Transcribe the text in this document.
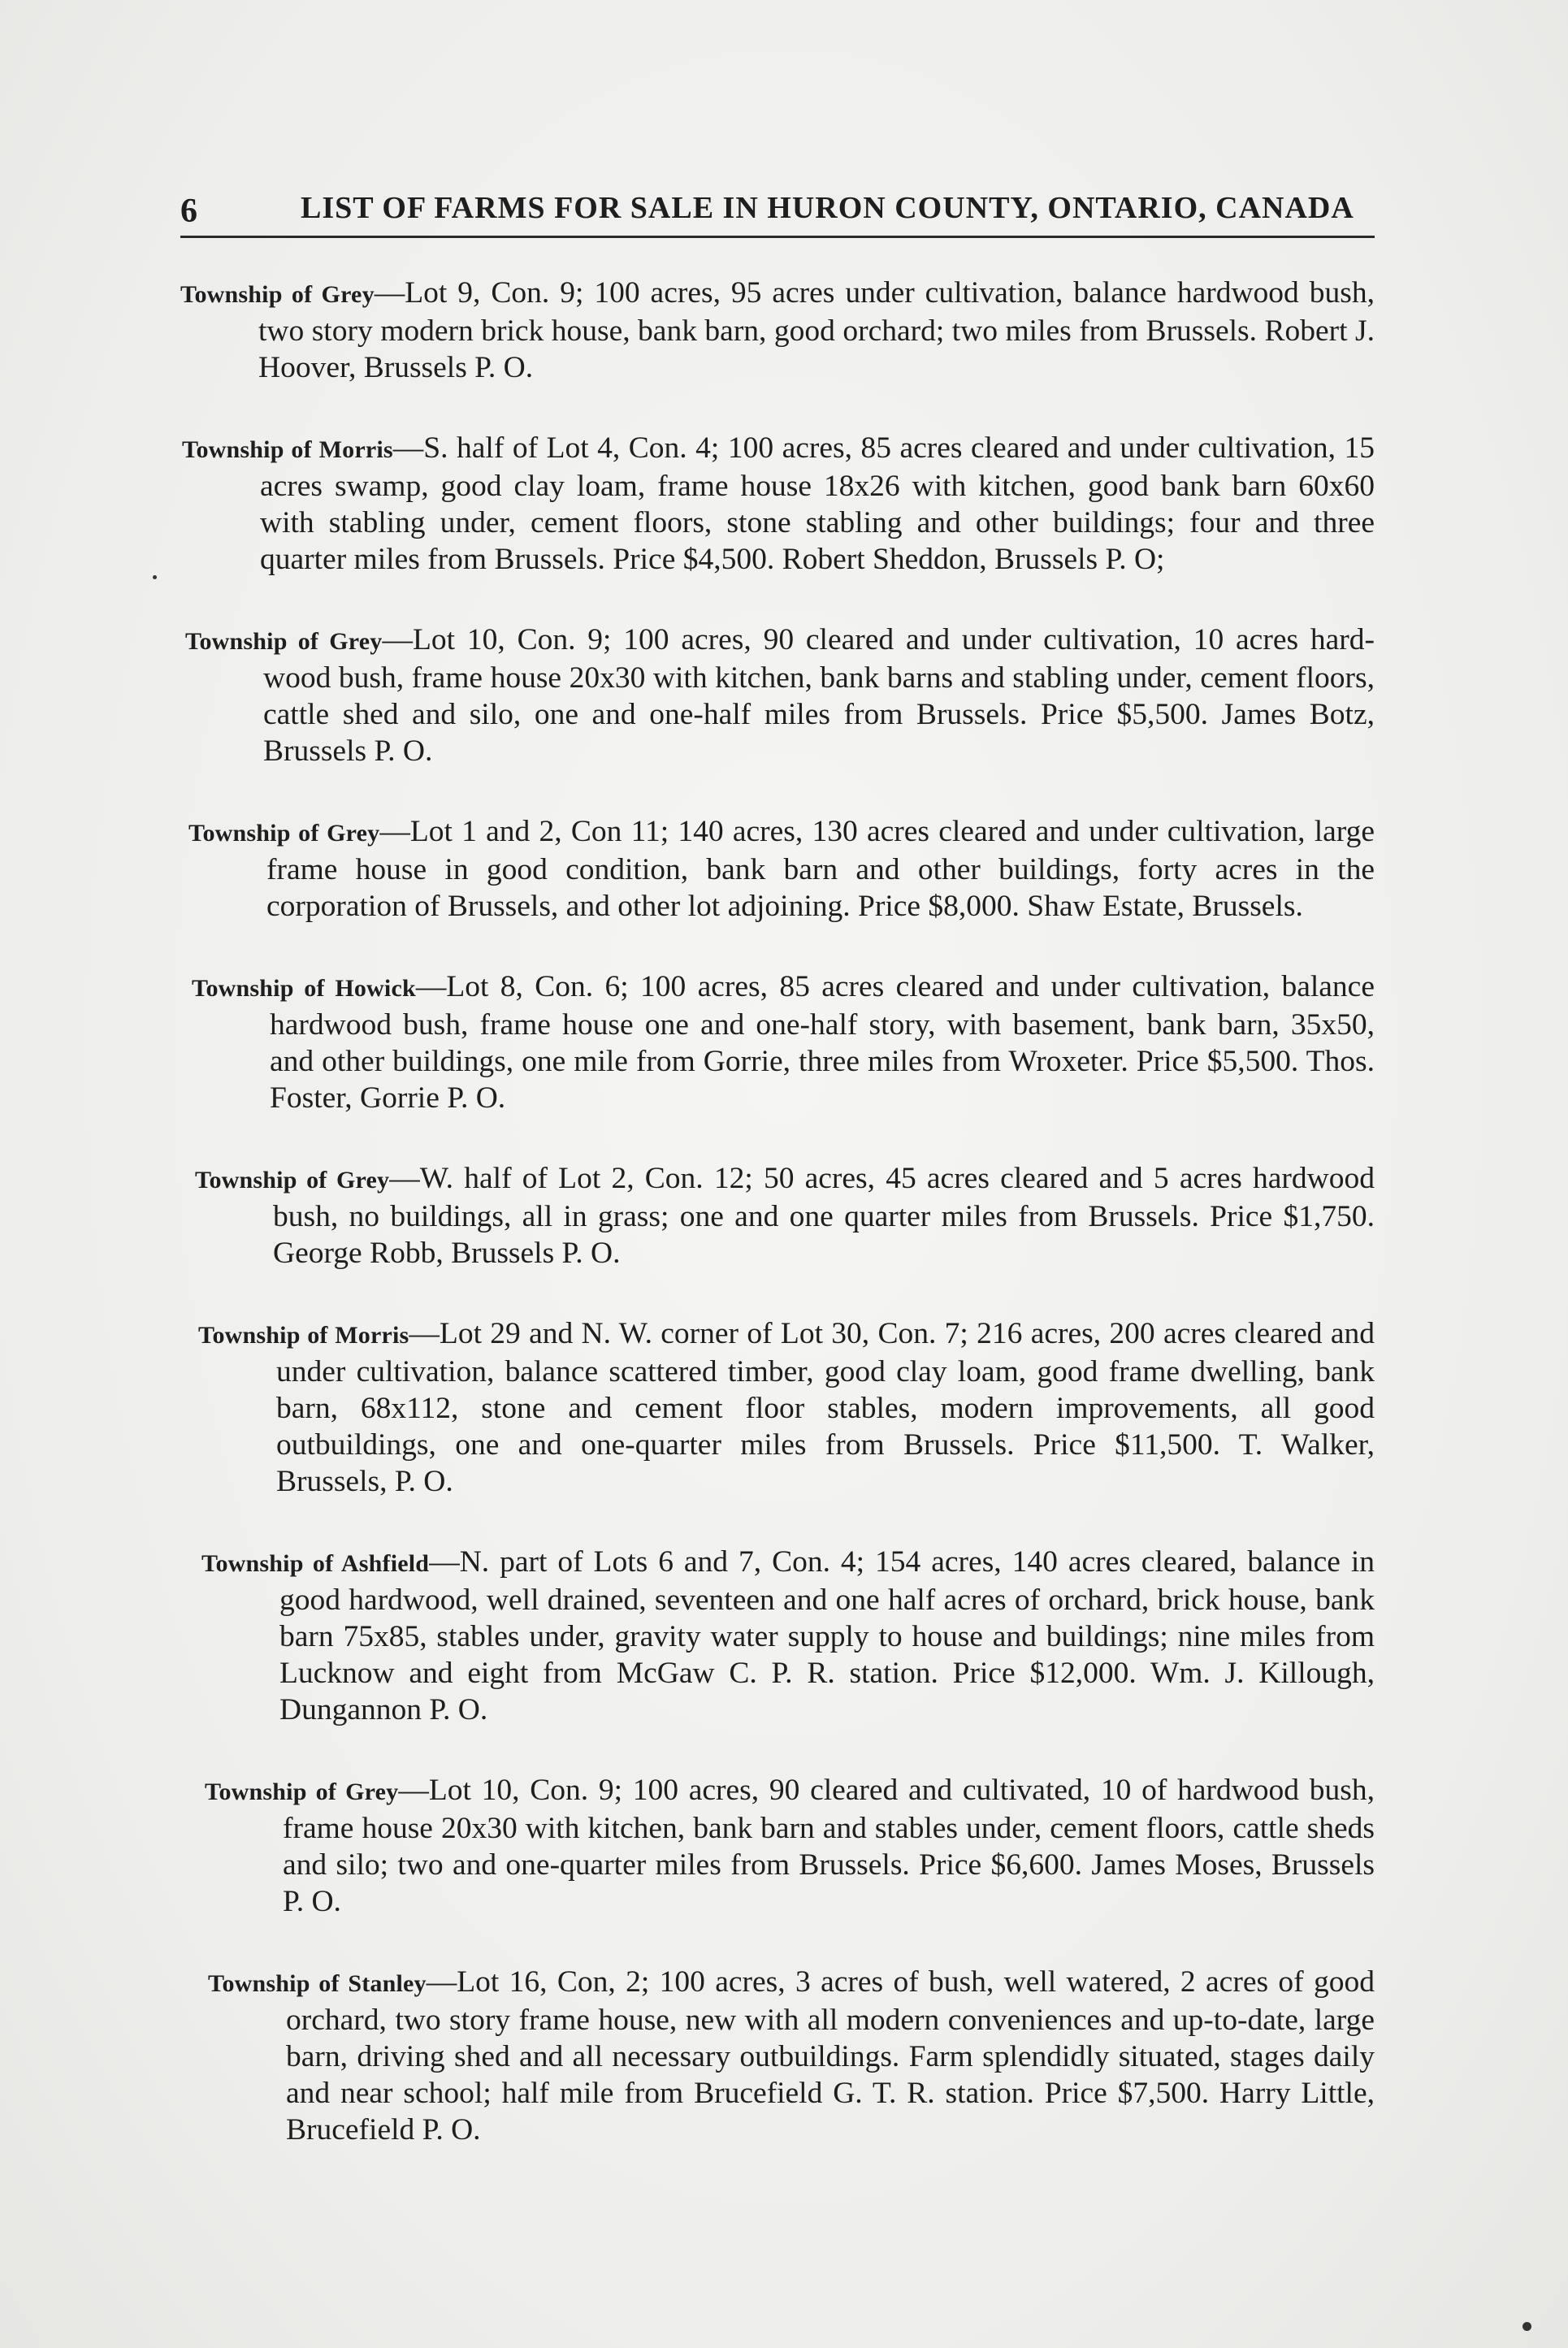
6	LIST OF FARMS FOR SALE IN HURON COUNTY, ONTARIO, CANADA

Township of Grey—Lot 9, Con. 9; 100 acres, 95 acres under cultivation, balance hardwood bush, two story modern brick house, bank barn, good orchard; two miles from Brussels. Robert J. Hoover, Brussels P. O.

Township of Morris—S. half of Lot 4, Con. 4; 100 acres, 85 acres cleared and under cultivation, 15 acres swamp, good clay loam, frame house 18x26 with kitchen, good bank barn 60x60 with stabling under, cement floors, stone stabling and other buildings; four and three quarter miles from Brussels. Price $4,500. Robert Sheddon, Brussels P. O;

Township of Grey—Lot 10, Con. 9; 100 acres, 90 cleared and under cultivation, 10 acres hard-wood bush, frame house 20x30 with kitchen, bank barns and stabling under, cement floors, cattle shed and silo, one and one-half miles from Brussels. Price $5,500. James Botz, Brussels P. O.

Township of Grey—Lot 1 and 2, Con 11; 140 acres, 130 acres cleared and under cultivation, large frame house in good condition, bank barn and other buildings, forty acres in the corporation of Brussels, and other lot adjoining. Price $8,000. Shaw Estate, Brussels.

Township of Howick—Lot 8, Con. 6; 100 acres, 85 acres cleared and under cultivation, balance hardwood bush, frame house one and one-half story, with basement, bank barn, 35x50, and other buildings, one mile from Gorrie, three miles from Wroxeter. Price $5,500. Thos. Foster, Gorrie P. O.

Township of Grey—W. half of Lot 2, Con. 12; 50 acres, 45 acres cleared and 5 acres hardwood bush, no buildings, all in grass; one and one quarter miles from Brussels. Price $1,750. George Robb, Brussels P. O.

Township of Morris—Lot 29 and N. W. corner of Lot 30, Con. 7; 216 acres, 200 acres cleared and under cultivation, balance scattered timber, good clay loam, good frame dwelling, bank barn, 68x112, stone and cement floor stables, modern improvements, all good outbuildings, one and one-quarter miles from Brussels. Price $11,500. T. Walker, Brussels, P. O.

Township of Ashfield—N. part of Lots 6 and 7, Con. 4; 154 acres, 140 acres cleared, balance in good hardwood, well drained, seventeen and one half acres of orchard, brick house, bank barn 75x85, stables under, gravity water supply to house and buildings; nine miles from Lucknow and eight from McGaw C. P. R. station. Price $12,000. Wm. J. Killough, Dungannon P. O.

Township of Grey—Lot 10, Con. 9; 100 acres, 90 cleared and cultivated, 10 of hardwood bush, frame house 20x30 with kitchen, bank barn and stables under, cement floors, cattle sheds and silo; two and one-quarter miles from Brussels. Price $6,600. James Moses, Brussels P. O.

Township of Stanley—Lot 16, Con, 2; 100 acres, 3 acres of bush, well watered, 2 acres of good orchard, two story frame house, new with all modern conveniences and up-to-date, large barn, driving shed and all necessary outbuildings. Farm splendidly situated, stages daily and near school; half mile from Brucefield G. T. R. station. Price $7,500. Harry Little, Brucefield P. O.
